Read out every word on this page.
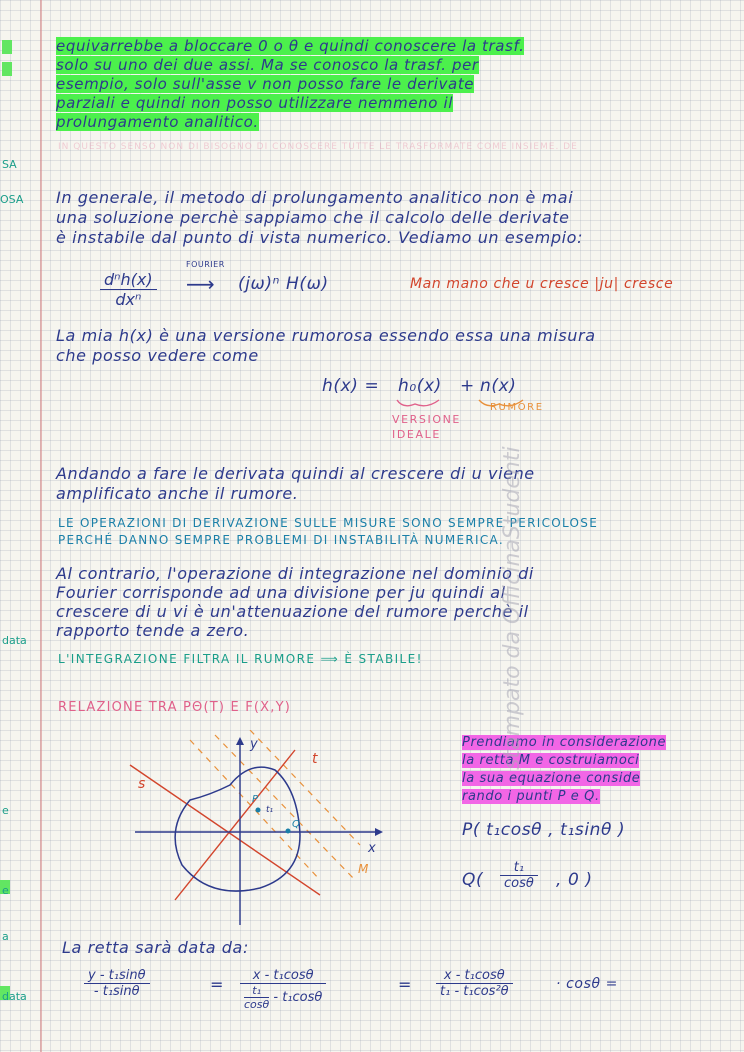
SA
OSA
data
e
e
a
data
equivarrebbe a bloccare 0 o θ e quindi conoscere la trasf.
solo su uno dei due assi. Ma se conosco la trasf. per
esempio, solo sull'asse v non posso fare le derivate
parziali e quindi non posso utilizzare nemmeno il
prolungamento analitico.
IN QUESTO SENSO NON DI BISOGNO DI CONOSCERE TUTTE LE TRASFORMATE COME INSIEME. DE
In generale, il metodo di prolungamento analitico non è mai
una soluzione perchè sappiamo che il calcolo delle derivate
è instabile dal punto di vista numerico. Vediamo un esempio:
dⁿh(x)
dxⁿ
FOURIER
⟶ (jω)ⁿ H(ω)	Man mano che u cresce |ju| cresce
La mia h(x) è una versione rumorosa essendo essa una misura
che posso vedere come
h(x) = h₀(x) + n(x)
VERSIONE
IDEALE
RUMORE
Andando a fare le derivata quindi al crescere di u viene
amplificato anche il rumore.
LE OPERAZIONI DI DERIVAZIONE SULLE MISURE SONO SEMPRE PERICOLOSE
PERCHÉ DANNO SEMPRE PROBLEMI DI INSTABILITÀ NUMERICA.
Al contrario, l'operazione di integrazione nel dominio di
Fourier corrisponde ad una divisione per ju quindi al
crescere di u vi è un'attenuazione del rumore perchè il
rapporto tende a zero.
L'INTEGRAZIONE FILTRA IL RUMORE ⟹ È STABILE!
RELAZIONE TRA PΘ(T) E F(X,Y)
x
y
t
s
M
P
Q
t₁
Prendiamo in considerazione
la retta M e costruiamoci
la sua equazione conside
rando i punti P e Q.
P( t₁cosθ , t₁sinθ )
$Q( \frac{\text{t₁}}{\cos\theta}$ , 0 )
La retta sarà data da:
$\frac{\text{y - t₁sinθ}}{\text{- t₁sinθ}}$	= $\frac{\text{x - t₁cosθ}}{\frac{\text{t₁}}{\cos\theta} - t_1\cos\theta}$	= $\frac{\text{x - t₁cosθ}}{\text{t₁ - t₁cos²θ}}$	· cosθ =
stampato da OfficinaStudenti
